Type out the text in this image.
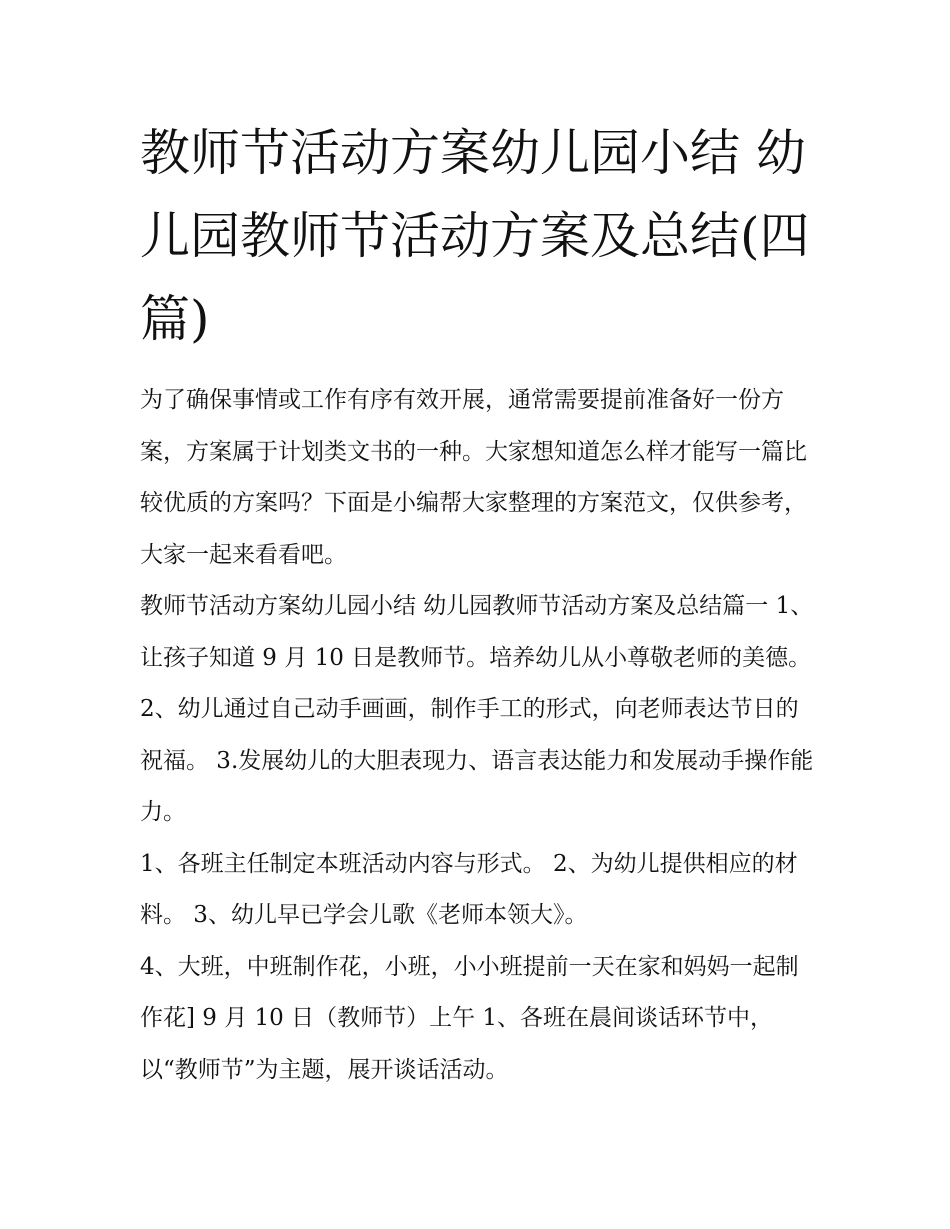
教师节活动方案幼儿园小结 幼儿园教师节活动方案及总结(四篇)

为了确保事情或工作有序有效开展，通常需要提前准备好一份方案，方案属于计划类文书的一种。大家想知道怎么样才能写一篇比较优质的方案吗？下面是小编帮大家整理的方案范文，仅供参考，大家一起来看看吧。

教师节活动方案幼儿园小结 幼儿园教师节活动方案及总结篇一 1、让孩子知道 9 月 10 日是教师节。培养幼儿从小尊敬老师的美德。

2、幼儿通过自己动手画画，制作手工的形式，向老师表达节日的祝福。 3.发展幼儿的大胆表现力、语言表达能力和发展动手操作能力。

1、各班主任制定本班活动内容与形式。 2、为幼儿提供相应的材料。 3、幼儿早已学会儿歌《老师本领大》。

4、大班，中班制作花，小班，小小班提前一天在家和妈妈一起制作花] 9 月 10 日（教师节）上午 1、各班在晨间谈话环节中，以“教师节”为主题，展开谈话活动。
